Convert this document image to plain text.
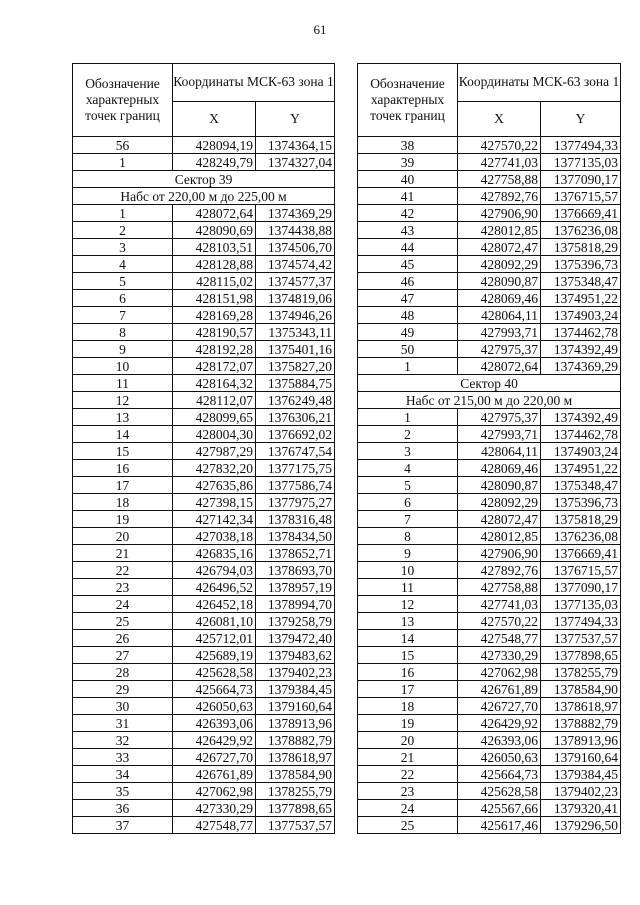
61
Обозначение характерных точек границ	Координаты МСК-63 зона 1	
	X	Y
56	428094,19	1374364,15
1	428249,79	1374327,04
Сектор 39		
Набс от 220,00 м до 225,00 м		
1	428072,64	1374369,29
2	428090,69	1374438,88
3	428103,51	1374506,70
4	428128,88	1374574,42
5	428115,02	1374577,37
6	428151,98	1374819,06
7	428169,28	1374946,26
8	428190,57	1375343,11
9	428192,28	1375401,16
10	428172,07	1375827,20
11	428164,32	1375884,75
12	428112,07	1376249,48
13	428099,65	1376306,21
14	428004,30	1376692,02
15	427987,29	1376747,54
16	427832,20	1377175,75
17	427635,86	1377586,74
18	427398,15	1377975,27
19	427142,34	1378316,48
20	427038,18	1378434,50
21	426835,16	1378652,71
22	426794,03	1378693,70
23	426496,52	1378957,19
24	426452,18	1378994,70
25	426081,10	1379258,79
26	425712,01	1379472,40
27	425689,19	1379483,62
28	425628,58	1379402,23
29	425664,73	1379384,45
30	426050,63	1379160,64
31	426393,06	1378913,96
32	426429,92	1378882,79
33	426727,70	1378618,97
34	426761,89	1378584,90
35	427062,98	1378255,79
36	427330,29	1377898,65
37	427548,77	1377537,57
Обозначение характерных точек границ	Координаты МСК-63 зона 1	
	X	Y
38	427570,22	1377494,33
39	427741,03	1377135,03
40	427758,88	1377090,17
41	427892,76	1376715,57
42	427906,90	1376669,41
43	428012,85	1376236,08
44	428072,47	1375818,29
45	428092,29	1375396,73
46	428090,87	1375348,47
47	428069,46	1374951,22
48	428064,11	1374903,24
49	427993,71	1374462,78
50	427975,37	1374392,49
1	428072,64	1374369,29
Сектор 40		
Набс от 215,00 м до 220,00 м		
1	427975,37	1374392,49
2	427993,71	1374462,78
3	428064,11	1374903,24
4	428069,46	1374951,22
5	428090,87	1375348,47
6	428092,29	1375396,73
7	428072,47	1375818,29
8	428012,85	1376236,08
9	427906,90	1376669,41
10	427892,76	1376715,57
11	427758,88	1377090,17
12	427741,03	1377135,03
13	427570,22	1377494,33
14	427548,77	1377537,57
15	427330,29	1377898,65
16	427062,98	1378255,79
17	426761,89	1378584,90
18	426727,70	1378618,97
19	426429,92	1378882,79
20	426393,06	1378913,96
21	426050,63	1379160,64
22	425664,73	1379384,45
23	425628,58	1379402,23
24	425567,66	1379320,41
25	425617,46	1379296,50
